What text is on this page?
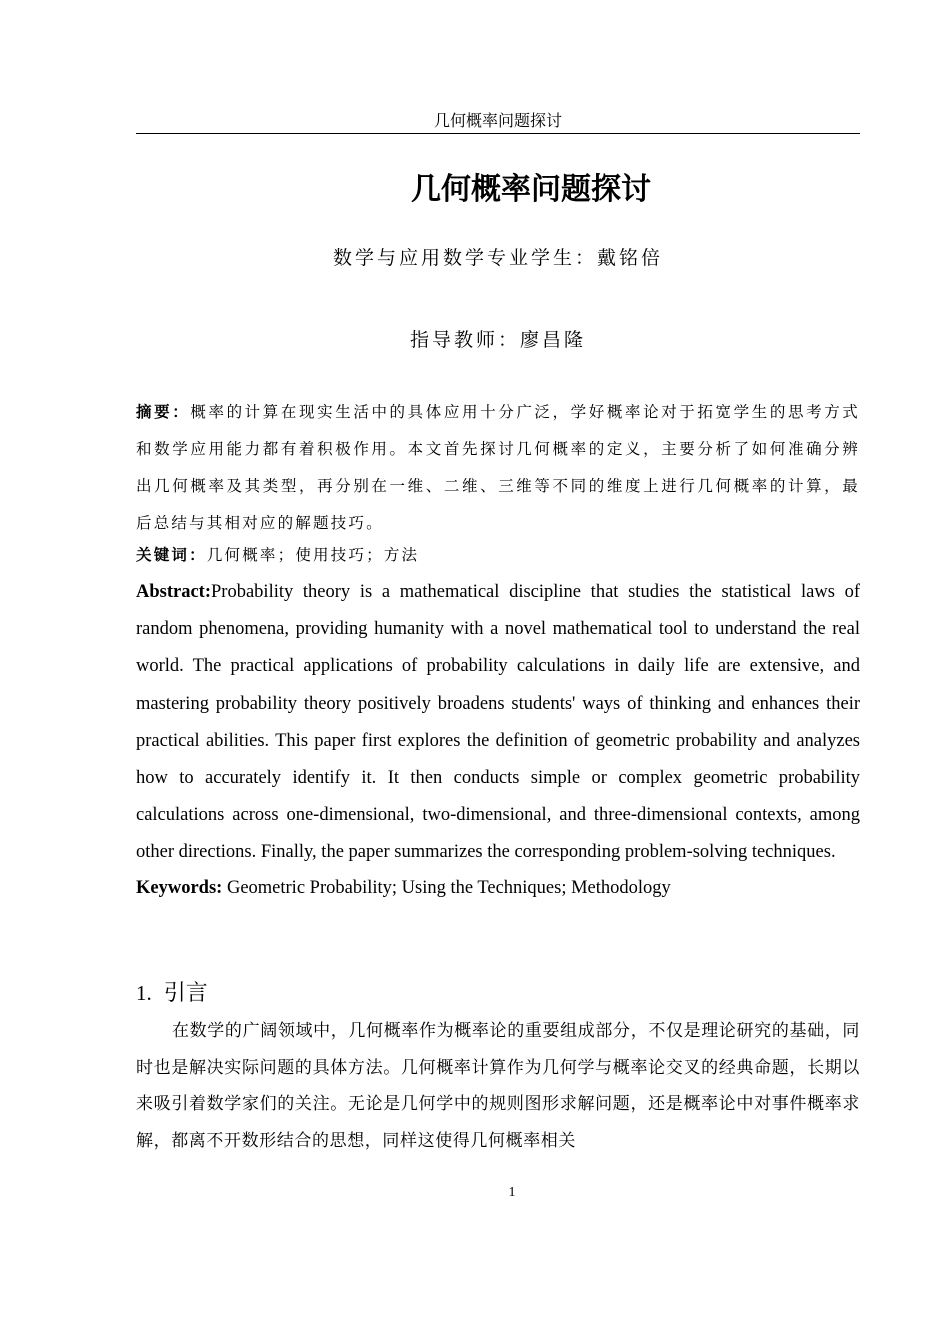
几何概率问题探讨
几何概率问题探讨
数学与应用数学专业学生：戴铭倍
指导教师：廖昌隆
摘要：概率的计算在现实生活中的具体应用十分广泛，学好概率论对于拓宽学生的思考方式和数学应用能力都有着积极作用。本文首先探讨几何概率的定义，主要分析了如何准确分辨出几何概率及其类型，再分别在一维、二维、三维等不同的维度上进行几何概率的计算，最后总结与其相对应的解题技巧。
关键词：几何概率；使用技巧；方法
Abstract:Probability theory is a mathematical discipline that studies the statistical laws of random phenomena, providing humanity with a novel mathematical tool to understand the real world. The practical applications of probability calculations in daily life are extensive, and mastering probability theory positively broadens students' ways of thinking and enhances their practical abilities. This paper first explores the definition of geometric probability and analyzes how to accurately identify it. It then conducts simple or complex geometric probability calculations across one-dimensional, two-dimensional, and three-dimensional contexts, among other directions. Finally, the paper summarizes the corresponding problem-solving techniques.
Keywords: Geometric Probability; Using the Techniques; Methodology
1. 引言
在数学的广阔领域中，几何概率作为概率论的重要组成部分，不仅是理论研究的基础，同时也是解决实际问题的具体方法。几何概率计算作为几何学与概率论交叉的经典命题，长期以来吸引着数学家们的关注。无论是几何学中的规则图形求解问题，还是概率论中对事件概率求解，都离不开数形结合的思想，同样这使得几何概率相关
1
